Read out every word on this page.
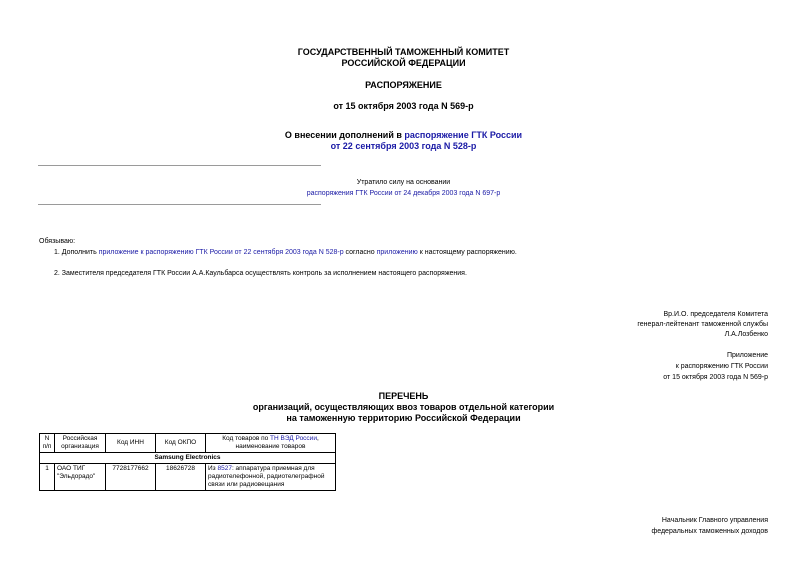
ГОСУДАРСТВЕННЫЙ ТАМОЖЕННЫЙ КОМИТЕТ
РОССИЙСКОЙ ФЕДЕРАЦИИ
РАСПОРЯЖЕНИЕ
от 15 октября 2003 года N 569-р
О внесении дополнений в распоряжение ГТК России
от 22 сентября 2003 года N 528-р
Утратило силу на основании
распоряжения ГТК России от 24 декабря 2003 года N 697-р
Обязываю:
1. Дополнить приложение к распоряжению ГТК России от 22 сентября 2003 года N 528-р согласно приложению к настоящему распоряжению.
2. Заместителя председателя ГТК России А.А.Каульбарса осуществлять контроль за исполнением настоящего распоряжения.
Вр.И.О. председателя Комитета
генерал-лейтенант таможенной службы
Л.А.Лозбенко
Приложение
к распоряжению ГТК России
от 15 октября 2003 года N 569-р
ПЕРЕЧЕНЬ
организаций, осуществляющих ввоз товаров отдельной категории
на таможенную территорию Российской Федерации
N п/п	Российская организация	Код ИНН	Код ОКПО	Код товаров по ТН ВЭД России, наименование товаров
Samsung Electronics				
1	ОАО ТИГ "Эльдорадо"	7728177662	18626728	Из 8527: аппаратура приемная для радиотелефонной, радиотелеграфной связи или радиовещания
Начальник Главного управления
федеральных таможенных доходов
